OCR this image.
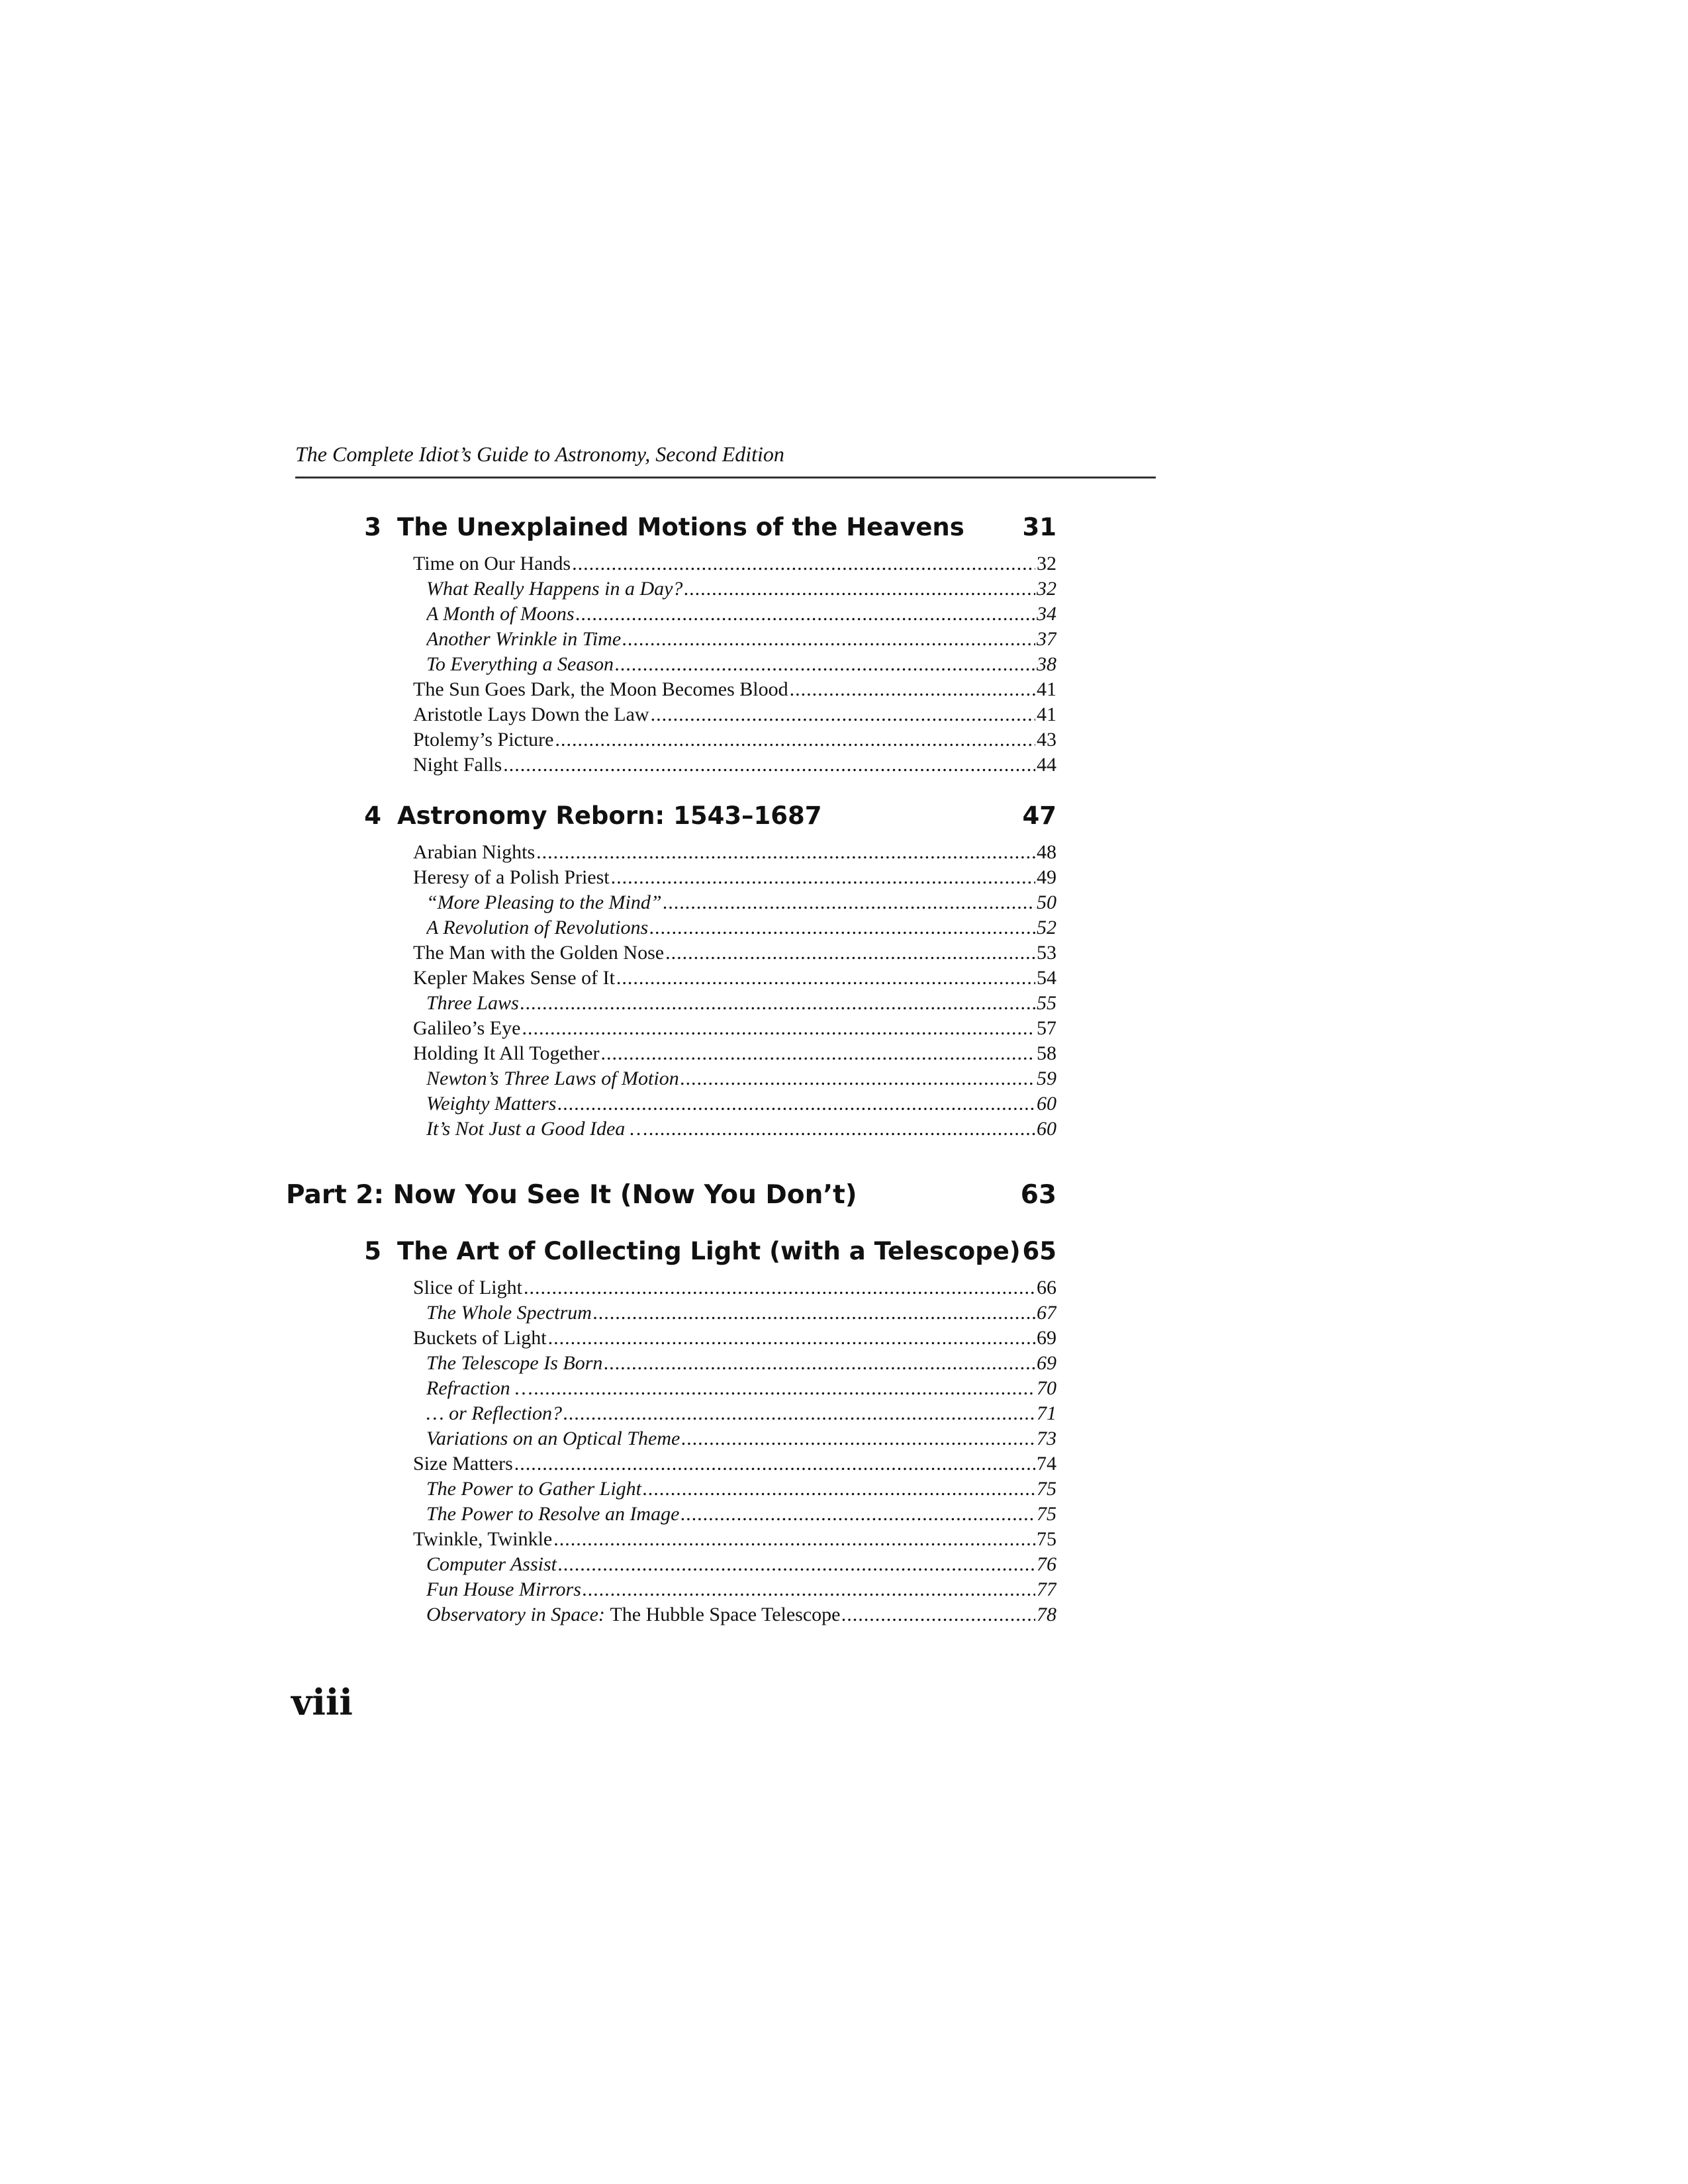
The Complete Idiot’s Guide to Astronomy, Second Edition
3 The Unexplained Motions of the Heavens	31
Time on Our Hands .....	32
What Really Happens in a Day? .....	32
A Month of Moons .....	34
Another Wrinkle in Time .....	37
To Everything a Season .....	38
The Sun Goes Dark, the Moon Becomes Blood .....	41
Aristotle Lays Down the Law .....	41
Ptolemy’s Picture .....	43
Night Falls .....	44
4 Astronomy Reborn: 1543–1687	47
Arabian Nights .....	48
Heresy of a Polish Priest .....	49
“More Pleasing to the Mind” .....	50
A Revolution of Revolutions .....	52
The Man with the Golden Nose .....	53
Kepler Makes Sense of It .....	54
Three Laws .....	55
Galileo’s Eye .....	57
Holding It All Together .....	58
Newton’s Three Laws of Motion .....	59
Weighty Matters .....	60
It’s Not Just a Good Idea … .....	60
Part 2: Now You See It (Now You Don’t)	63
5 The Art of Collecting Light (with a Telescope) 65
Slice of Light .....	66
The Whole Spectrum .....	67
Buckets of Light .....	69
The Telescope Is Born .....	69
Refraction … .....	70
… or Reflection? .....	71
Variations on an Optical Theme .....	73
Size Matters .....	74
The Power to Gather Light .....	75
The Power to Resolve an Image .....	75
Twinkle, Twinkle .....	75
Computer Assist .....	76
Fun House Mirrors .....	77
Observatory in Space:
The Hubble Space Telescope .....	78
viii
